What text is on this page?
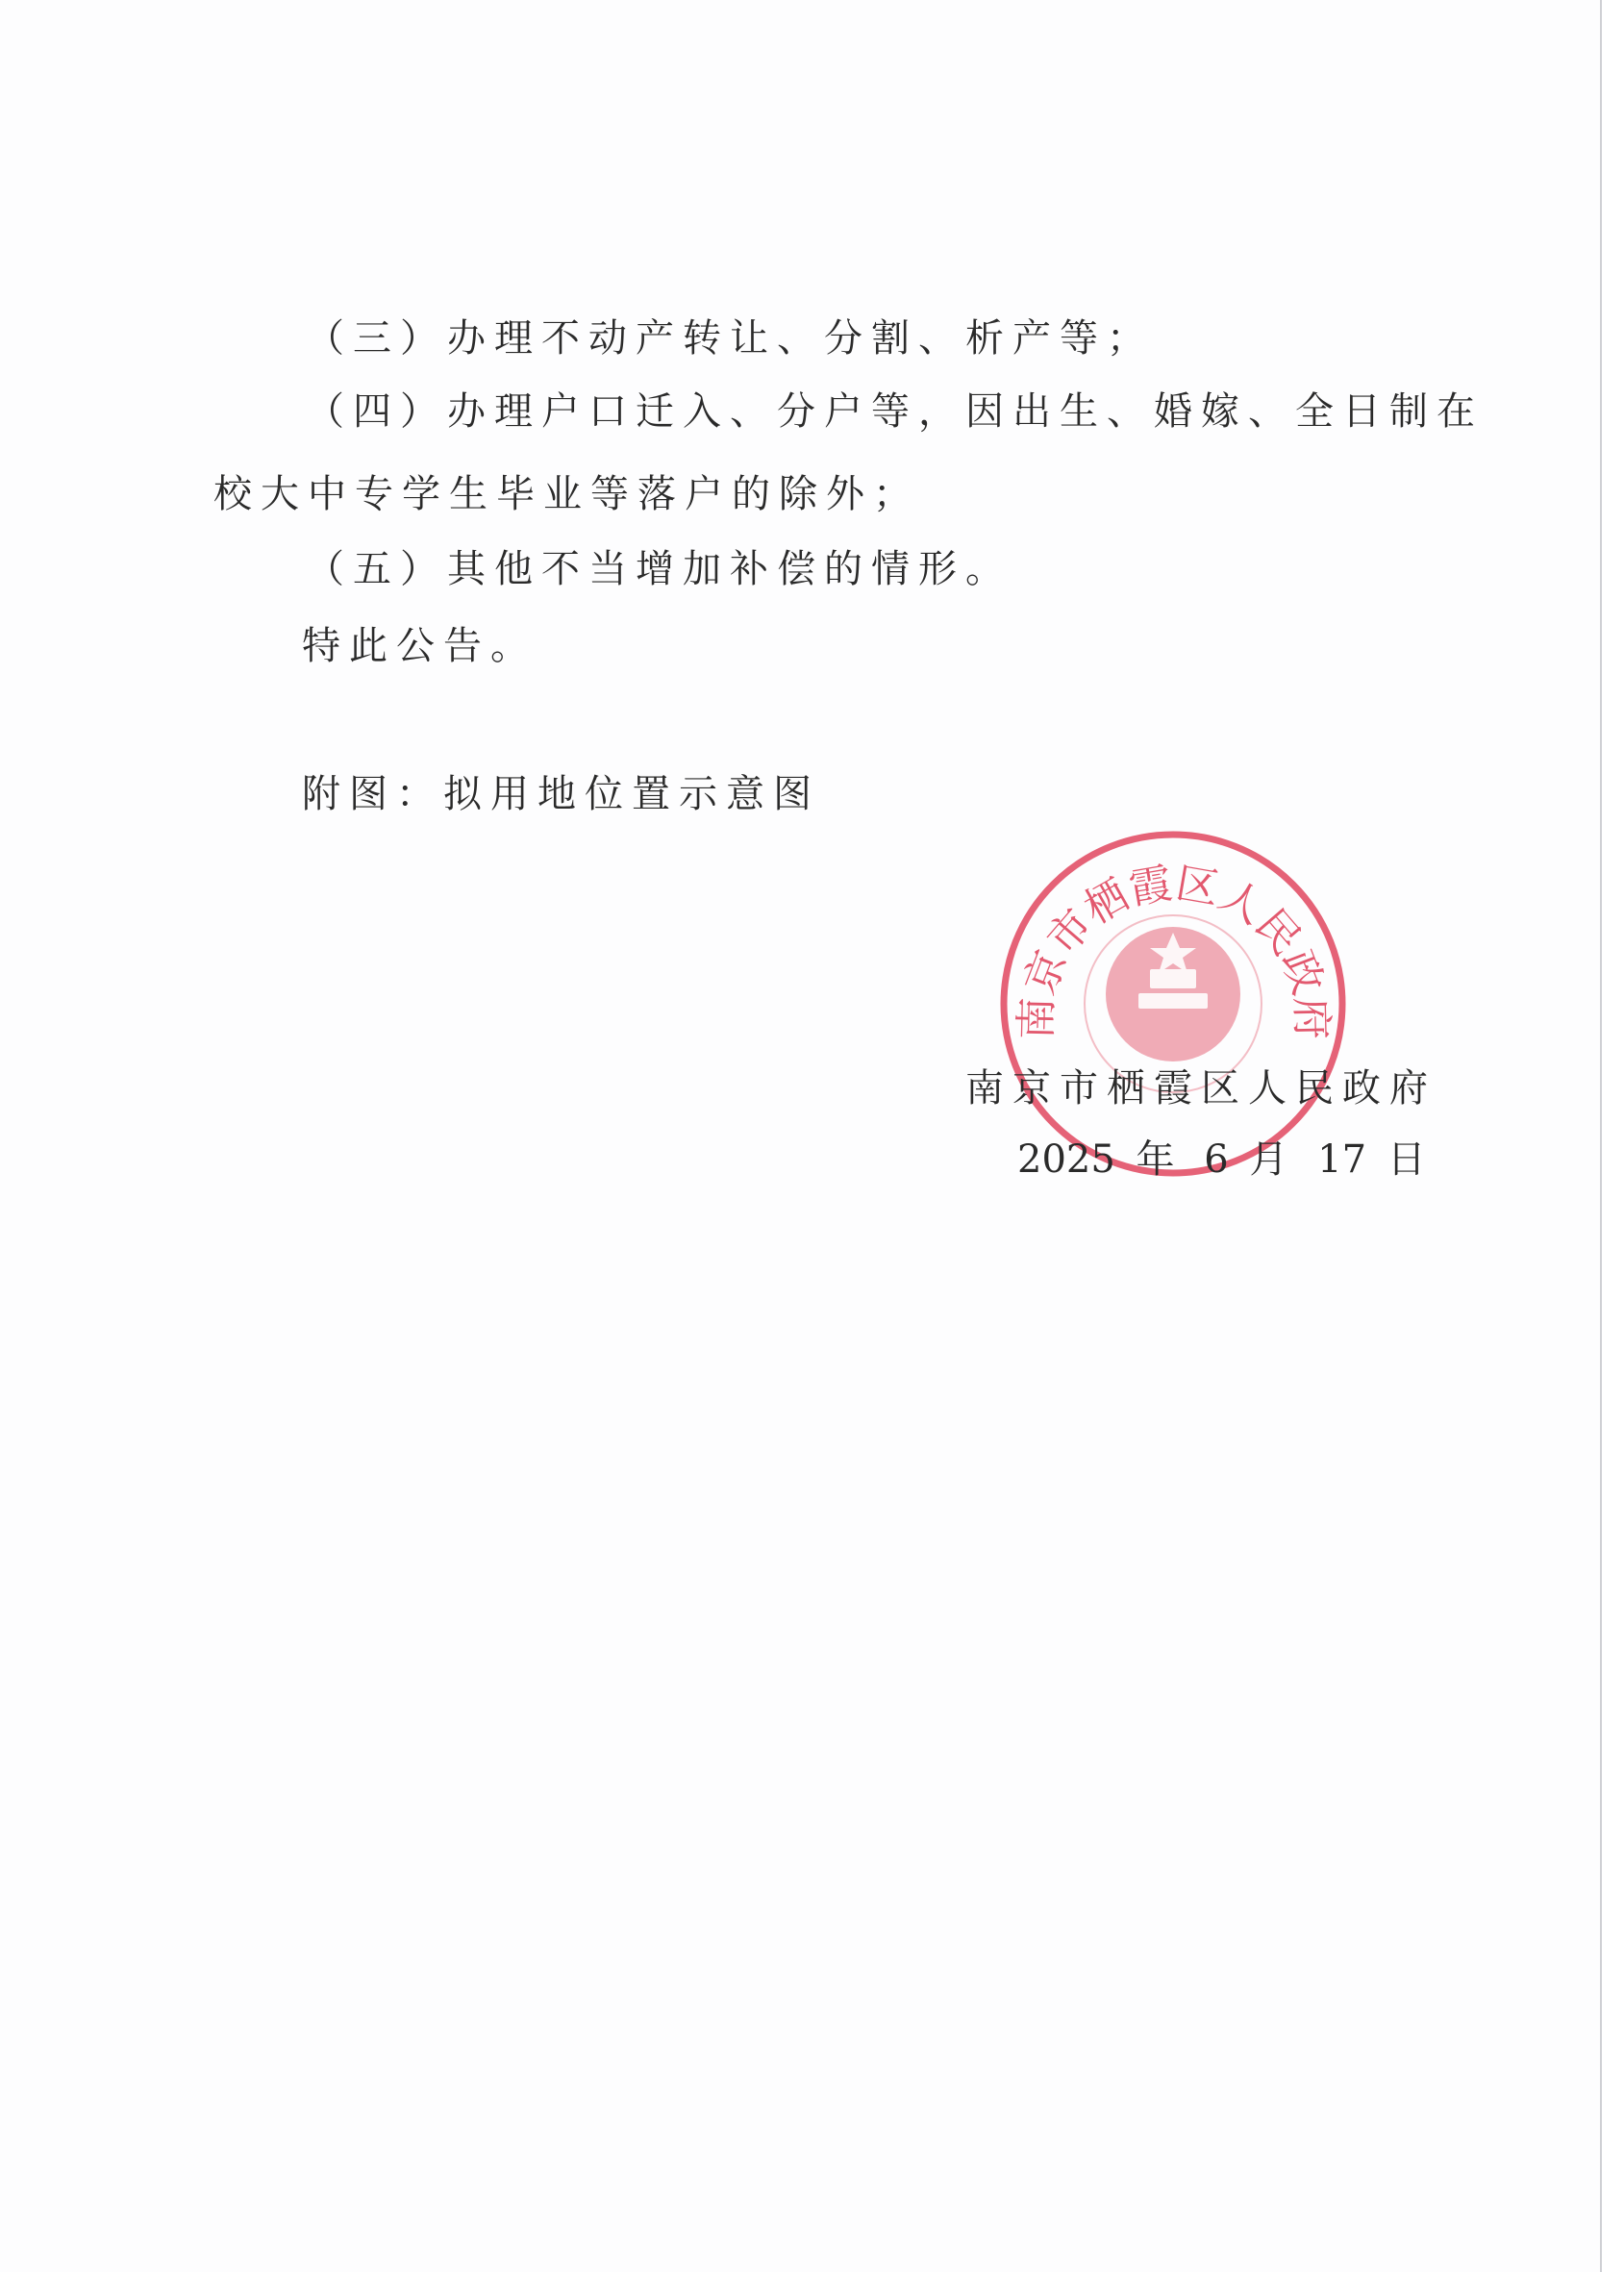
（三）办理不动产转让、分割、析产等；
（四）办理户口迁入、分户等，因出生、婚嫁、全日制在
校大中专学生毕业等落户的除外；
（五）其他不当增加补偿的情形。
特此公告。
附图：拟用地位置示意图
南京市栖霞区人民政府
南京市栖霞区人民政府
2025 年 6 月 17 日
